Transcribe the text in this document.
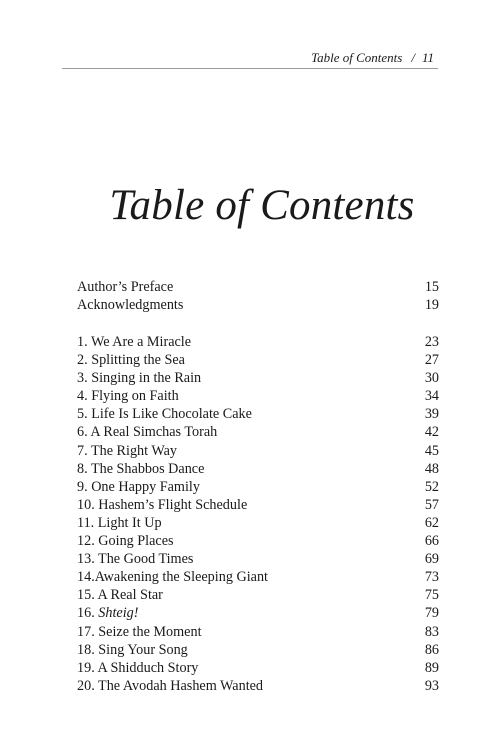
Table of Contents / 11
Table of Contents
Author’s Preface	15
Acknowledgments	19
1. We Are a Miracle	23
2. Splitting the Sea	27
3. Singing in the Rain	30
4. Flying on Faith	34
5. Life Is Like Chocolate Cake	39
6. A Real Simchas Torah	42
7. The Right Way	45
8. The Shabbos Dance	48
9. One Happy Family	52
10. Hashem’s Flight Schedule	57
11. Light It Up	62
12. Going Places	66
13. The Good Times	69
14.Awakening the Sleeping Giant	73
15. A Real Star	75
16. Shteig!	79
17. Seize the Moment	83
18. Sing Your Song	86
19. A Shidduch Story	89
20. The Avodah Hashem Wanted	93
